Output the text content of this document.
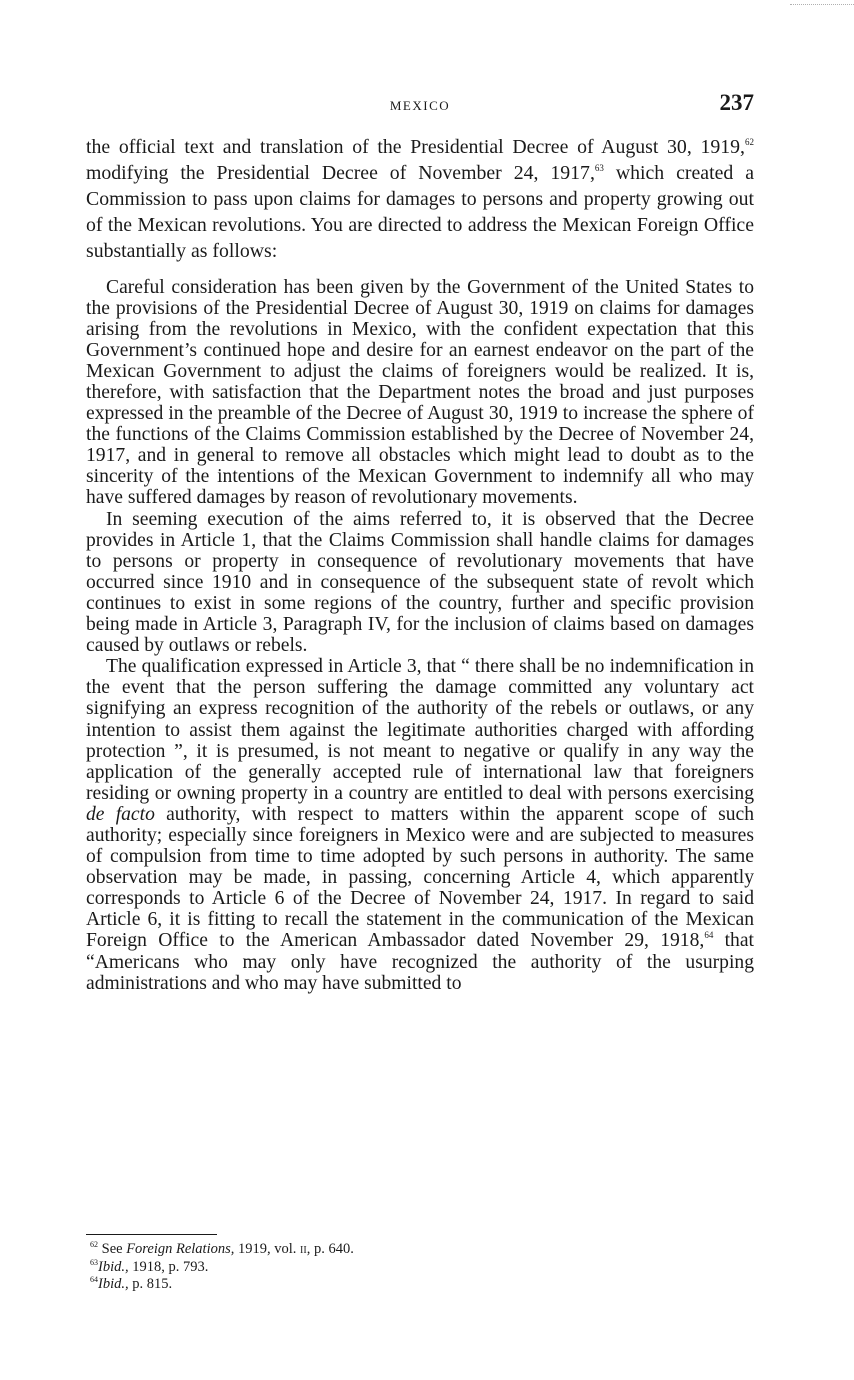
MEXICO	237

the official text and translation of the Presidential Decree of August 30, 1919,62 modifying the Presidential Decree of November 24, 1917,63 which created a Commission to pass upon claims for damages to persons and property growing out of the Mexican revolutions. You are directed to address the Mexican Foreign Office substantially as follows:

Careful consideration has been given by the Government of the United States to the provisions of the Presidential Decree of August 30, 1919 on claims for damages arising from the revolutions in Mexico, with the confident expectation that this Government’s continued hope and desire for an earnest endeavor on the part of the Mexican Government to adjust the claims of foreigners would be realized. It is, therefore, with satisfaction that the Department notes the broad and just purposes expressed in the preamble of the Decree of August 30, 1919 to increase the sphere of the functions of the Claims Commission established by the Decree of November 24, 1917, and in general to remove all obstacles which might lead to doubt as to the sincerity of the intentions of the Mexican Government to indemnify all who may have suffered damages by reason of revolutionary movements.

In seeming execution of the aims referred to, it is observed that the Decree provides in Article 1, that the Claims Commission shall handle claims for damages to persons or property in consequence of revolutionary movements that have occurred since 1910 and in consequence of the subsequent state of revolt which continues to exist in some regions of the country, further and specific provision being made in Article 3, Paragraph IV, for the inclusion of claims based on damages caused by outlaws or rebels.

The qualification expressed in Article 3, that “ there shall be no indemnification in the event that the person suffering the damage committed any voluntary act signifying an express recognition of the authority of the rebels or outlaws, or any intention to assist them against the legitimate authorities charged with affording protection ”, it is presumed, is not meant to negative or qualify in any way the application of the generally accepted rule of international law that foreigners residing or owning property in a country are entitled to deal with persons exercising de facto authority, with respect to matters within the apparent scope of such authority; especially since foreigners in Mexico were and are subjected to measures of compulsion from time to time adopted by such persons in authority. The same observation may be made, in passing, concerning Article 4, which apparently corresponds to Article 6 of the Decree of November 24, 1917. In regard to said Article 6, it is fitting to recall the statement in the communication of the Mexican Foreign Office to the American Ambassador dated November 29, 1918,64 that “Americans who may only have recognized the authority of the usurping administrations and who may have submitted to

$^{62}$ See Foreign Relations, 1919, vol. ii, p. 640.

$^{63}$Ibid., 1918, p. 793.

$^{64}$Ibid., p. 815.
